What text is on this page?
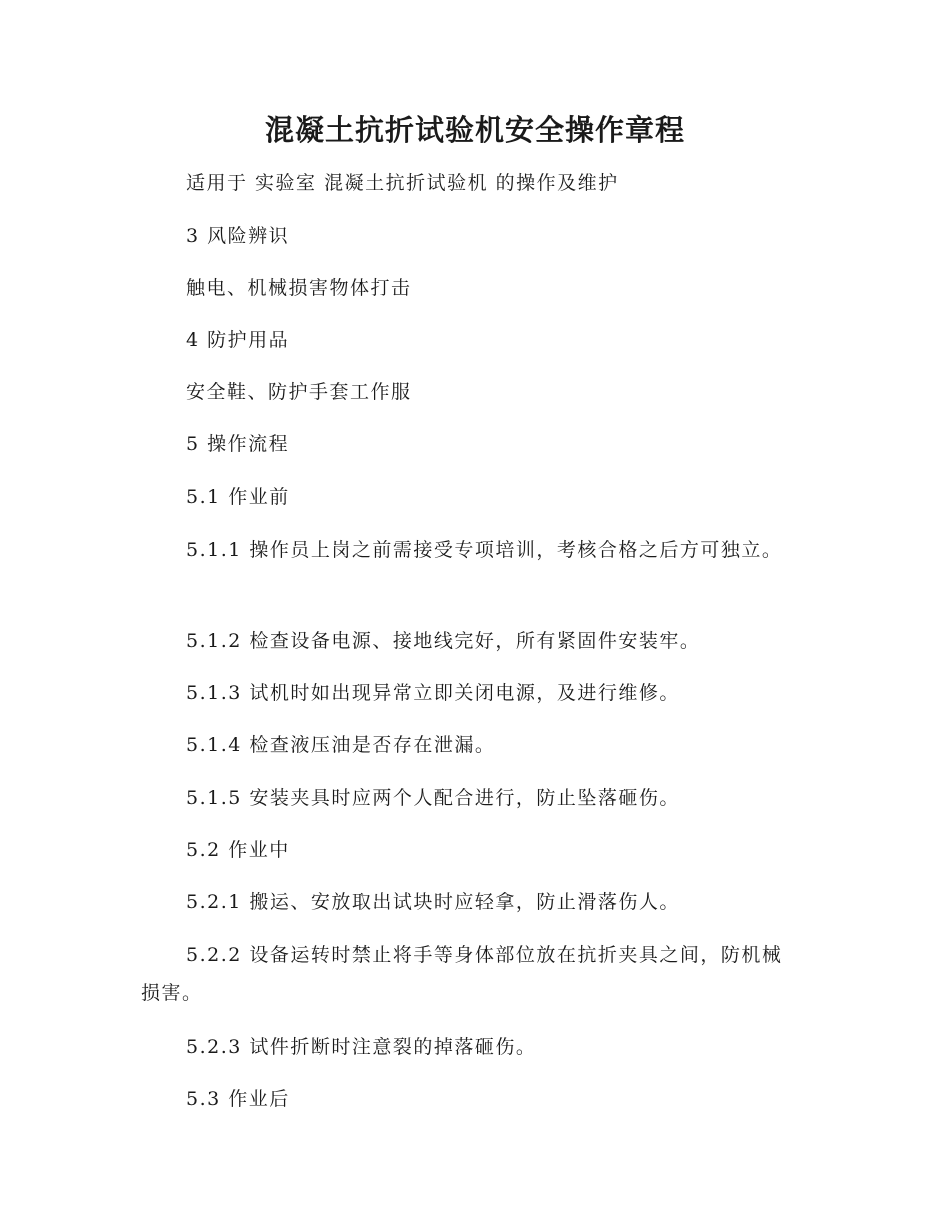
混凝土抗折试验机安全操作章程

适用于 实验室 混凝土抗折试验机 的操作及维护

3 风险辨识

触电、机械损害物体打击

4 防护用品

安全鞋、防护手套工作服

5 操作流程

5.1 作业前

5.1.1 操作员上岗之前需接受专项培训，考核合格之后方可独立。

5.1.2 检查设备电源、接地线完好，所有紧固件安装牢。

5.1.3 试机时如出现异常立即关闭电源，及进行维修。

5.1.4 检查液压油是否存在泄漏。

5.1.5 安装夹具时应两个人配合进行，防止坠落砸伤。

5.2 作业中

5.2.1 搬运、安放取出试块时应轻拿，防止滑落伤人。

5.2.2 设备运转时禁止将手等身体部位放在抗折夹具之间，防机械损害。

5.2.3 试件折断时注意裂的掉落砸伤。

5.3 作业后
